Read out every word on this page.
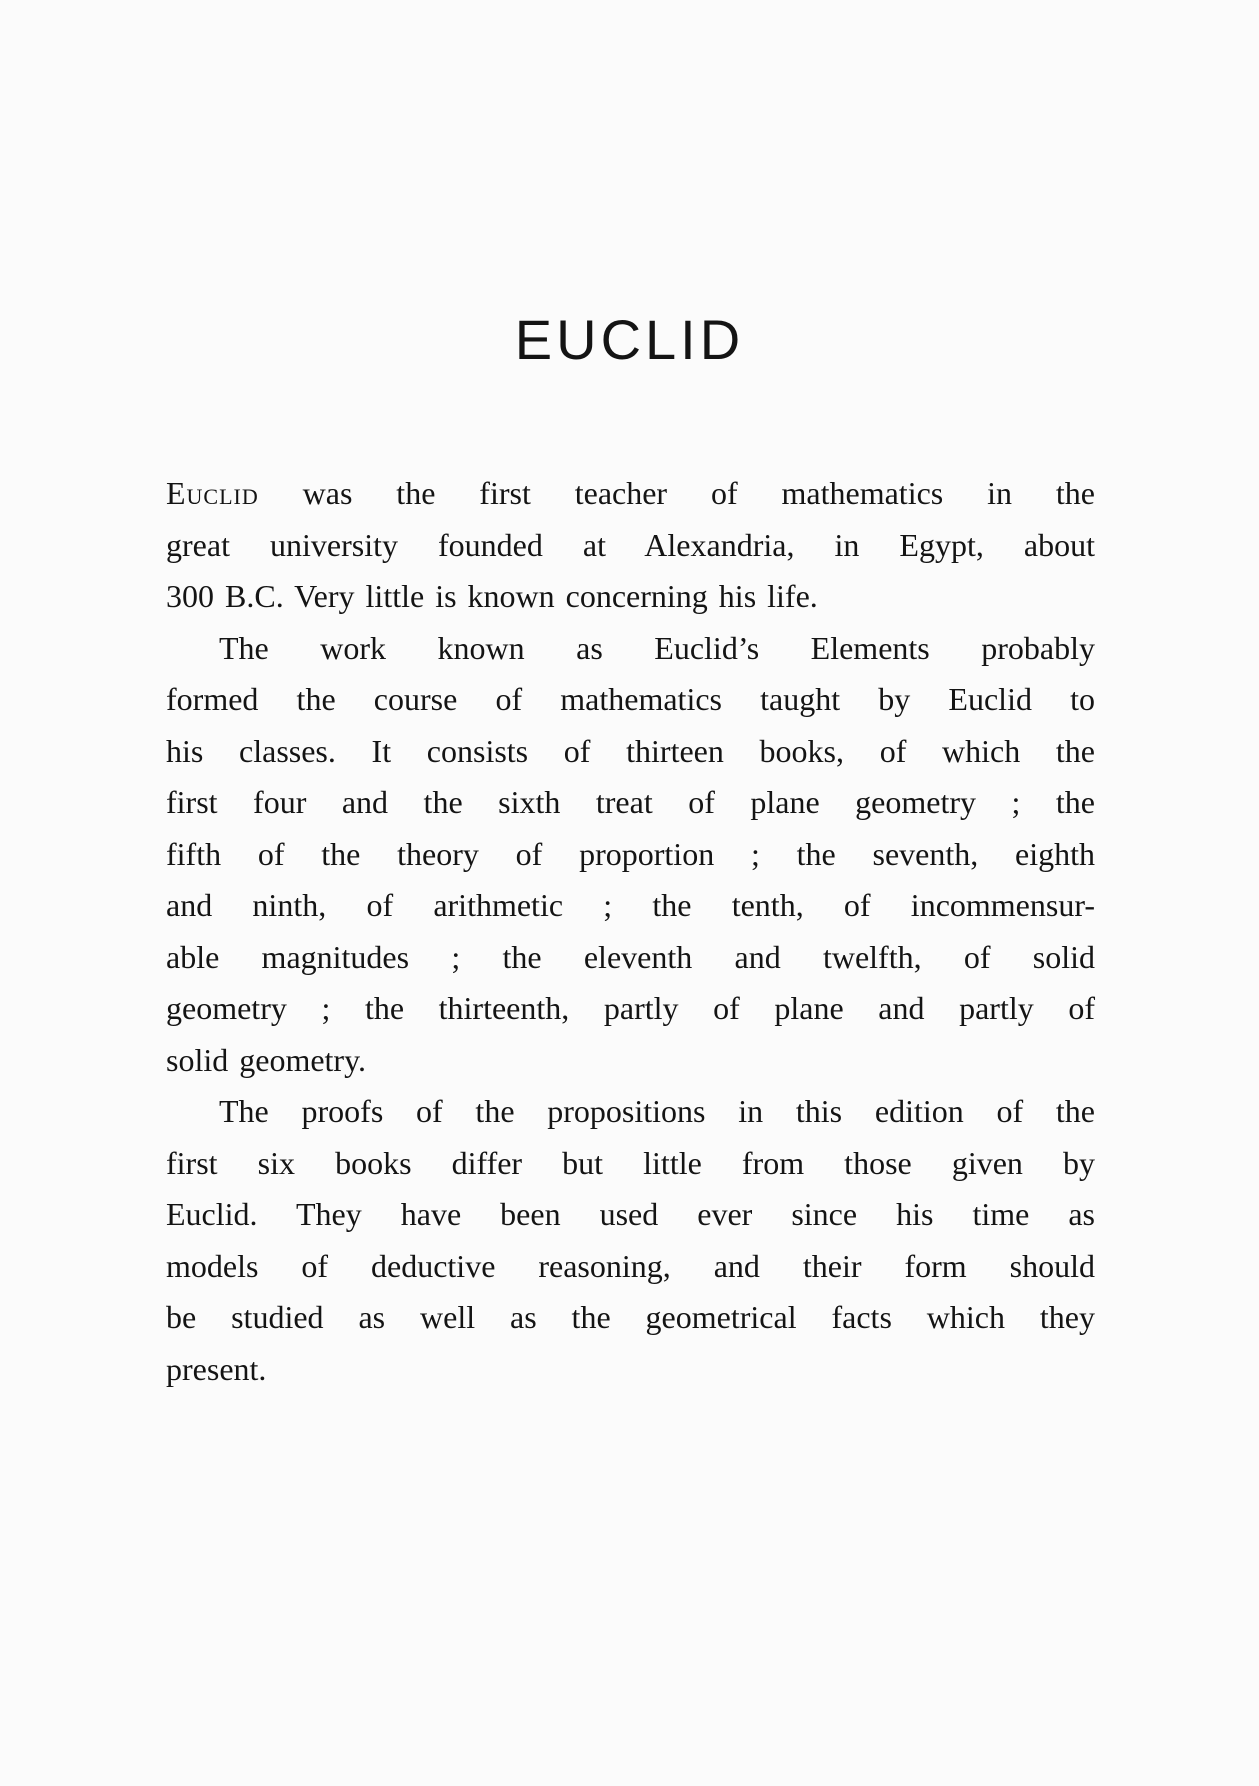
EUCLID
Euclid was the first teacher of mathematics in the
great university founded at Alexandria, in Egypt, about
300 B.C. Very little is known concerning his life.
The work known as Euclid’s Elements probably
formed the course of mathematics taught by Euclid to
his classes. It consists of thirteen books, of which the
first four and the sixth treat of plane geometry ; the
fifth of the theory of proportion ; the seventh, eighth
and ninth, of arithmetic ; the tenth, of incommensur-
able magnitudes ; the eleventh and twelfth, of solid
geometry ; the thirteenth, partly of plane and partly of
solid geometry.
The proofs of the propositions in this edition of the
first six books differ but little from those given by
Euclid. They have been used ever since his time as
models of deductive reasoning, and their form should
be studied as well as the geometrical facts which they
present.
